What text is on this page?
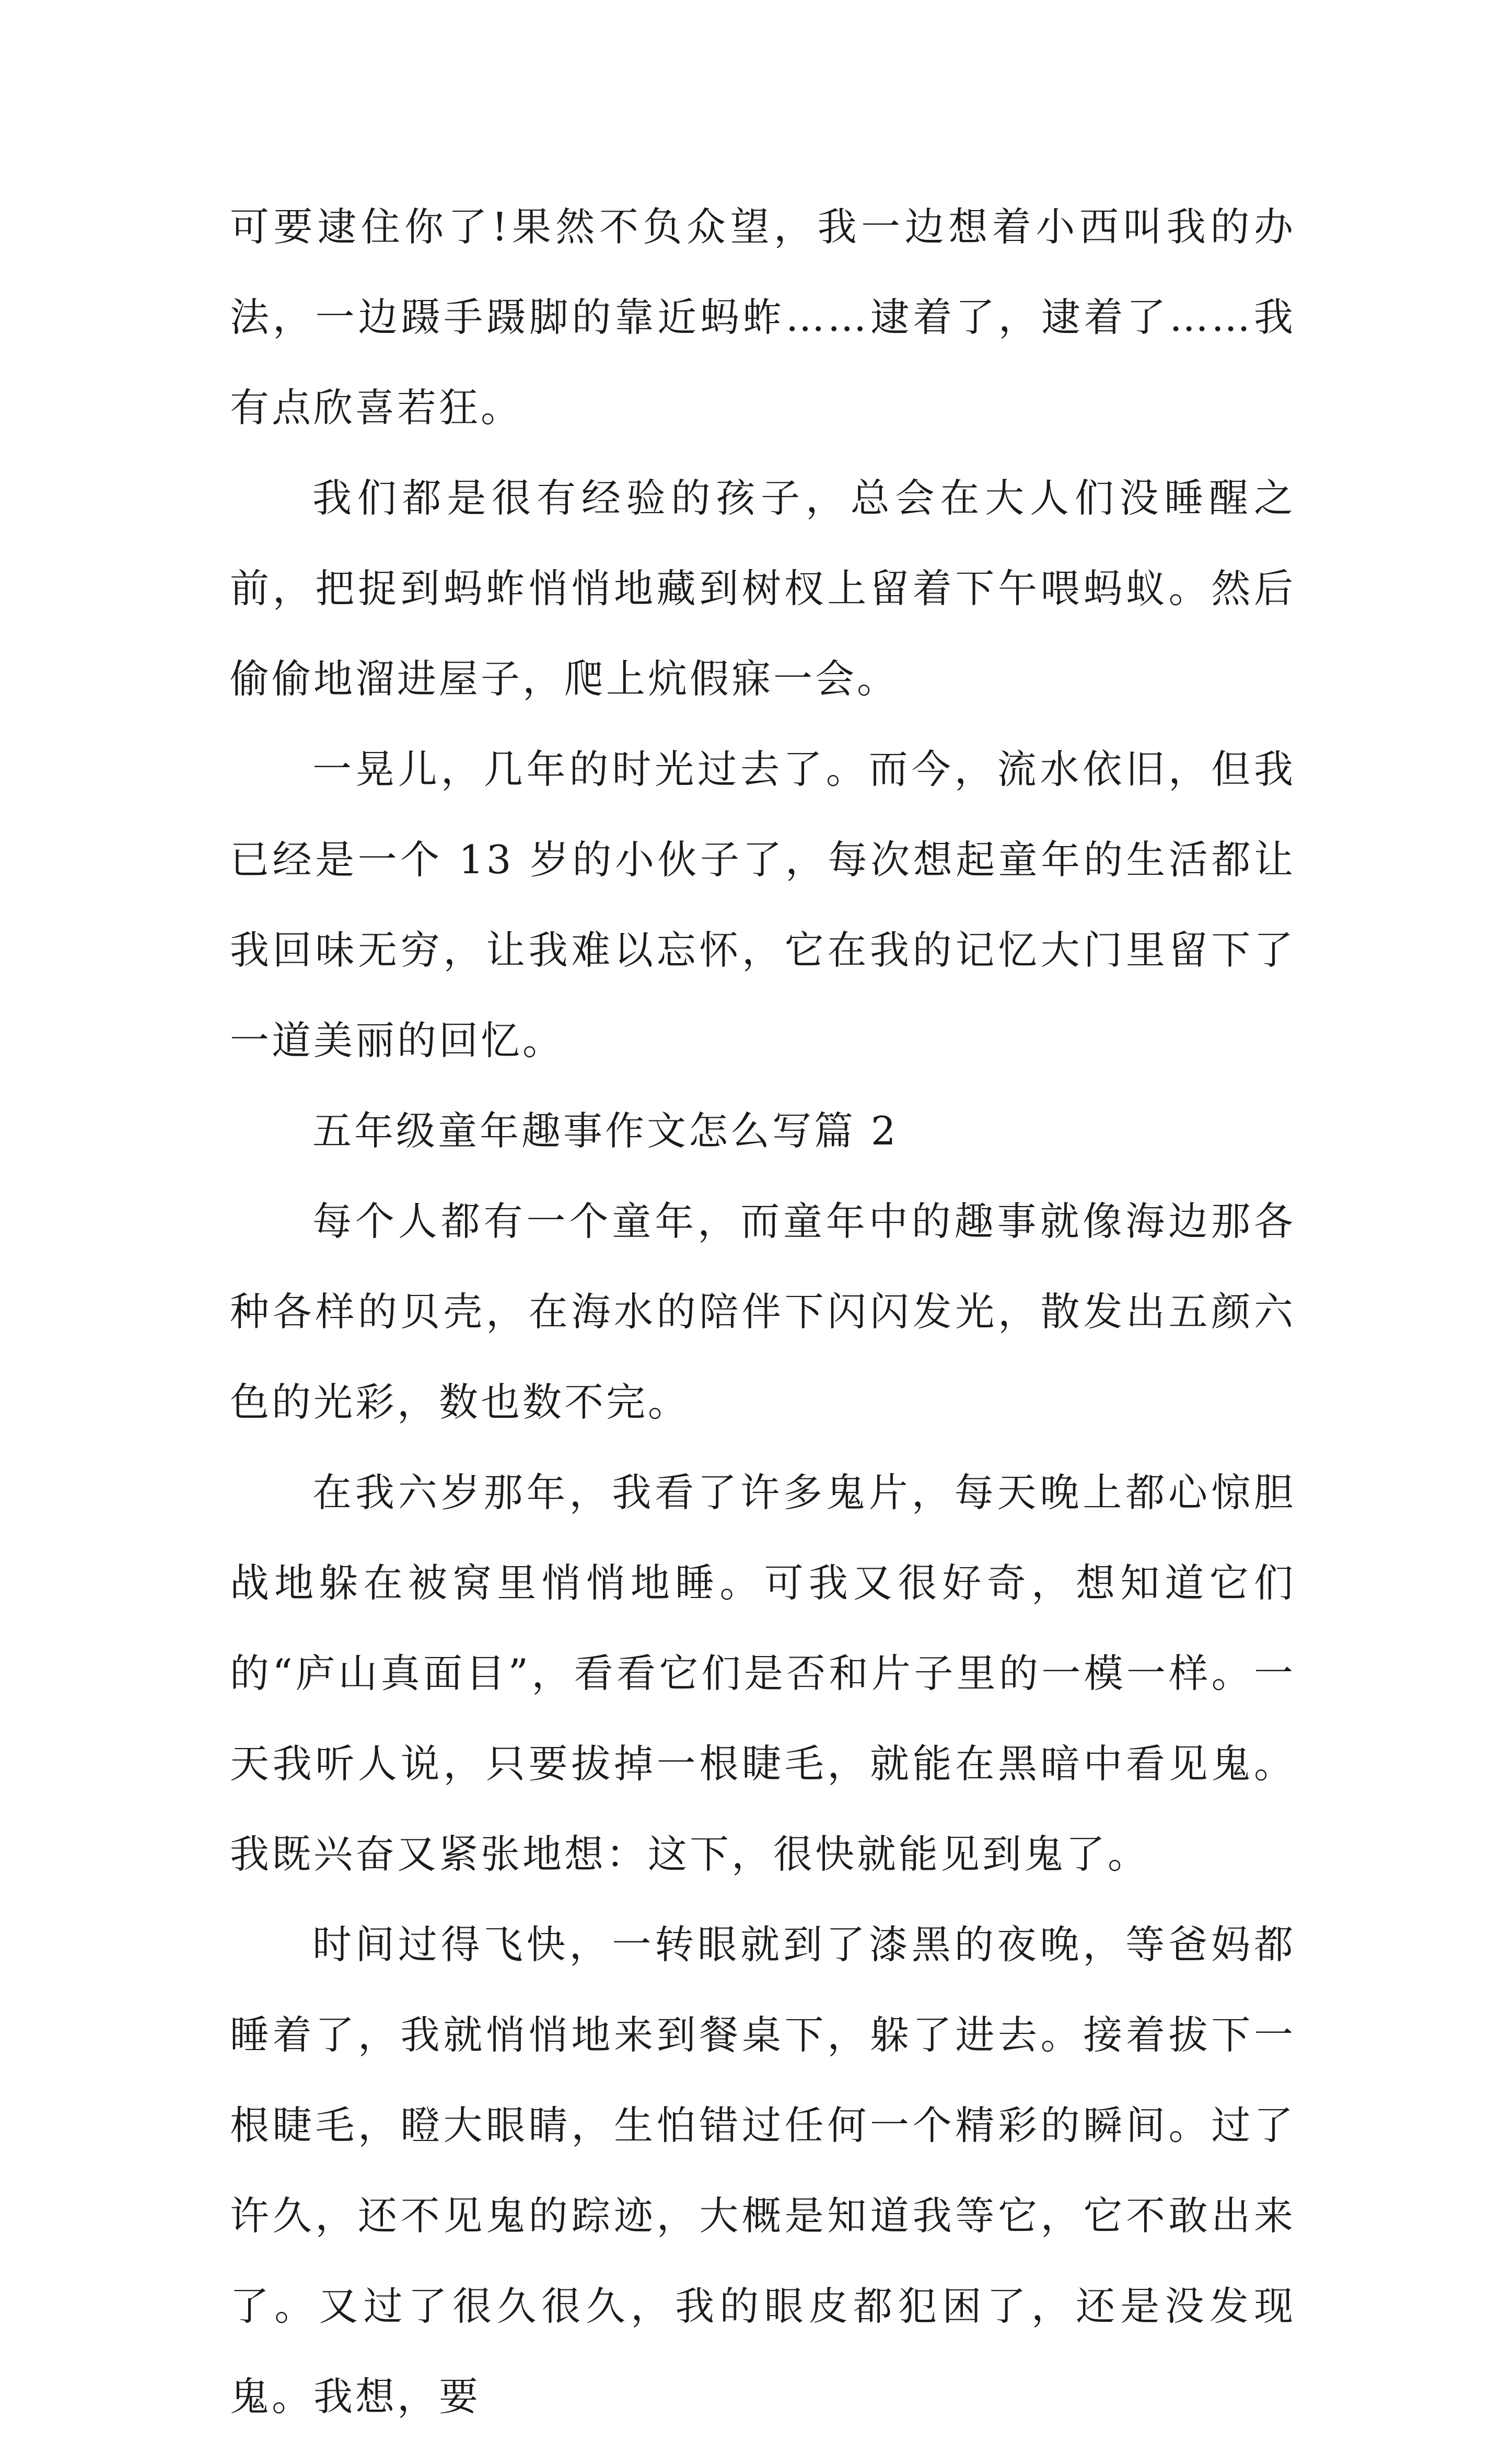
可要逮住你了!果然不负众望，我一边想着小西叫我的办法，一边蹑手蹑脚的靠近蚂蚱……逮着了，逮着了……我有点欣喜若狂。

我们都是很有经验的孩子，总会在大人们没睡醒之前，把捉到蚂蚱悄悄地藏到树杈上留着下午喂蚂蚁。然后偷偷地溜进屋子，爬上炕假寐一会。

一晃儿，几年的时光过去了。而今，流水依旧，但我已经是一个 13 岁的小伙子了，每次想起童年的生活都让我回味无穷，让我难以忘怀，它在我的记忆大门里留下了一道美丽的回忆。

五年级童年趣事作文怎么写篇 2

每个人都有一个童年，而童年中的趣事就像海边那各种各样的贝壳，在海水的陪伴下闪闪发光，散发出五颜六色的光彩，数也数不完。

在我六岁那年，我看了许多鬼片，每天晚上都心惊胆战地躲在被窝里悄悄地睡。可我又很好奇，想知道它们的“庐山真面目”，看看它们是否和片子里的一模一样。一天我听人说，只要拔掉一根睫毛，就能在黑暗中看见鬼。我既兴奋又紧张地想：这下，很快就能见到鬼了。

时间过得飞快，一转眼就到了漆黑的夜晚，等爸妈都睡着了，我就悄悄地来到餐桌下，躲了进去。接着拔下一根睫毛，瞪大眼睛，生怕错过任何一个精彩的瞬间。过了许久，还不见鬼的踪迹，大概是知道我等它，它不敢出来了。又过了很久很久，我的眼皮都犯困了，还是没发现鬼。我想，要
